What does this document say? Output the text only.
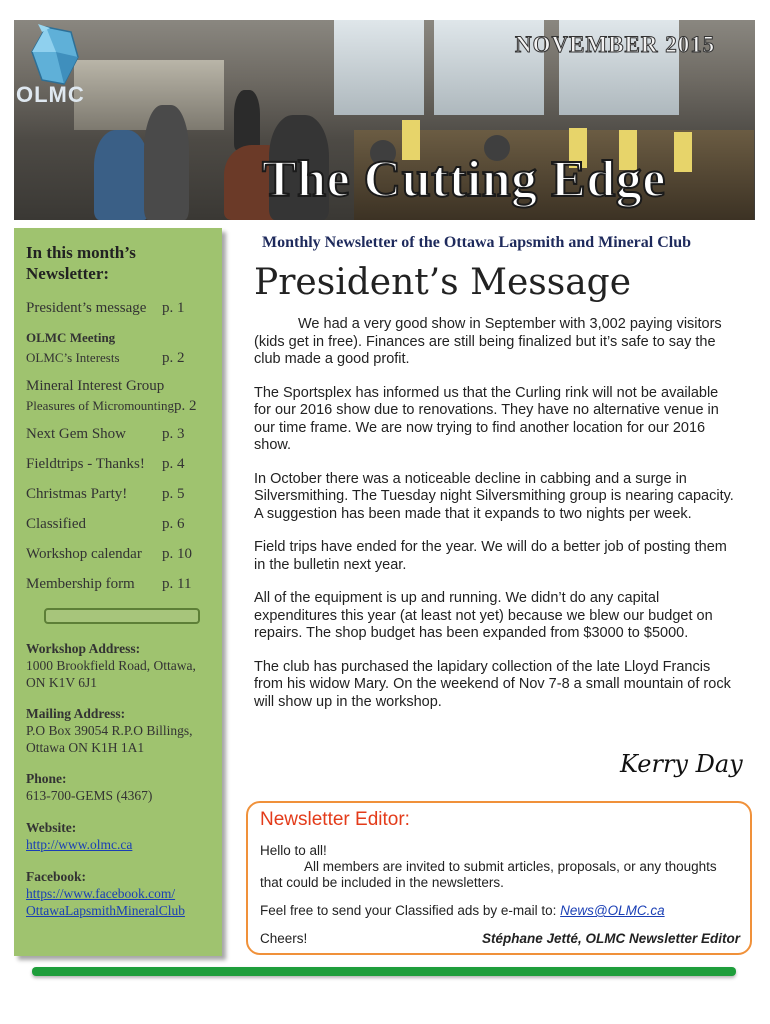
OLMC
NOVEMBER 2015
The Cutting Edge
In this month’s Newsletter:
President’s message p. 1
OLMC Meeting
OLMC’s Interests	p. 2
Mineral Interest Group
Pleasures of Micromounting p. 2
Next Gem Show p. 3
Fieldtrips - Thanks! p. 4
Christmas Party! p. 5
Classified	p. 6
Workshop calendar p. 10
Membership form p. 11
Workshop Address:
1000 Brookfield Road, Ottawa,
ON K1V 6J1
Mailing Address:
P.O Box 39054 R.P.O Billings,
Ottawa ON K1H 1A1
Phone:
613-700-GEMS (4367)
Website:
http://www.olmc.ca
Facebook:
https://www.facebook.com/
OttawaLapsmithMineralClub
Monthly Newsletter of the Ottawa Lapsmith and Mineral Club
President’s Message

We had a very good show in September with 3,002 paying visitors (kids get in free). Finances are still being finalized but it’s safe to say the club made a good profit.

The Sportsplex has informed us that the Curling rink will not be available for our 2016 show due to renovations. They have no alternative venue in our time frame. We are now trying to find another location for our 2016 show.

In October there was a noticeable decline in cabbing and a surge in Silversmithing. The Tuesday night Silversmithing group is nearing capacity. A suggestion has been made that it expands to two nights per week.

Field trips have ended for the year. We will do a better job of posting them in the bulletin next year.

All of the equipment is up and running. We didn’t do any capital expenditures this year (at least not yet) because we blew our budget on repairs. The shop budget has been expanded from $3000 to $5000.

The club has purchased the lapidary collection of the late Lloyd Francis from his widow Mary. On the weekend of Nov 7-8 a small mountain of rock will show up in the workshop.

Kerry Day
Newsletter Editor:

Hello to all!
All members are invited to submit articles, proposals, or any thoughts that could be included in the newsletters.

Feel free to send your Classified ads by e-mail to: News@OLMC.ca

Cheers!	Stéphane Jetté, OLMC Newsletter Editor
